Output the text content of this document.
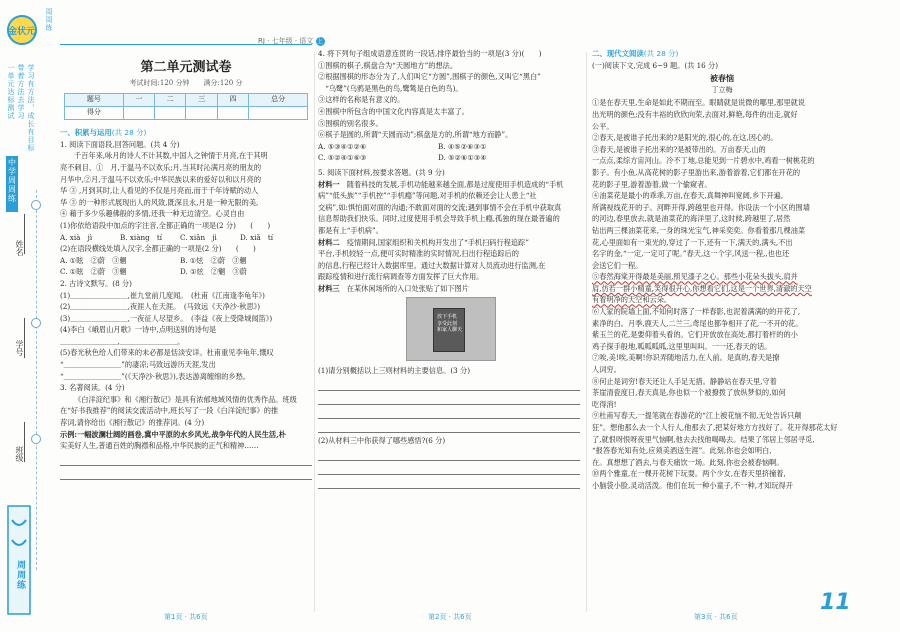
金状元 周周练
一单元达标测试 带着方法去学习 学习有方法，成长有目标
中学周周练
姓名
学号
班级
周周练
RJ · 七年级 · 语文 上
第二单元测试卷
考试时间:120 分钟　　满分:120 分
题号	一	二	三	四	总分
得分					
一、积累与运用(共 28 分)

1. 阅读下面语段,回答问题。(共 4 分)

千百年来,咏月的诗人不计其数,中国人之钟情于月亮,在于其明

亮不刺目、①　月,于温马不以欢乐;月,当其时沁满月亮的朋友的

月华中,②月,于温马不以欢乐;中华民族以来的爱好以和以月亮的

华 ③ ,月到其时,让人看见的不仅是月亮而,而于千年诗赋的动人

华 ③ 的一种形式展现出人的风致,既深且永,月是一种无限的美,

④ 藉于多少乐趣佛般的多情,还我一种无边清空。心灵自由

(1)你依给语段中加点的字注音,全都正确的一项是(2 分)　　(　　)

A. xià　jì	B. xiàng　tí C. xiǎn　jì	D. xiǎ　tí

(2)在语段横线处填入汉字,全都正确的一项是(2 分)　　(　　)

A. ①眩　②蔚　③魍	B. ①炫　②蔚　③魍

C. ①眩　②蔚　③魍	D. ①炫　②魍　③蔚

2. 古诗文默写。(8 分)

(1)＿＿＿＿＿＿＿＿,崔九堂前几度闻。　(杜甫《江南逢李龟年》)

(2)＿＿＿＿＿＿＿＿,夜涯人在天涯。　(马致远《天净沙·秋思》)

(3)＿＿＿＿＿＿＿＿,一夜征人尽望乡。　(李益《夜上受降城闻笛》)

(4)李白《峨眉山月歌》一诗中,点明送别的诗句是

＿＿＿＿＿＿＿＿,＿＿＿＿＿＿＿＿。

(5)春光秋色给人们带来的未必都是恬淡安详。杜甫重见李龟年,慨叹

“＿＿＿＿＿＿＿＿”的凄凉;马致远游历天涯,发出

“＿＿＿＿＿＿＿＿”(《天净沙·秋思》),表达游离缠绵的乡愁。

3. 名著阅读。(4 分)

《白洋淀纪事》和《湘行散记》是具有浓郁地域风情的优秀作品。班级

在“好书我推荐”的阅读交流活动中,班长写了一段《白洋淀纪事》的推

荐词,请你给出《湘行散记》的推荐词。(4 分)

示例:一幅波澜壮阔的画卷,冀中平原的水乡风光,战争年代的人民生活,朴

实美好人生,普通百姓的胸襟和品格,中华民族的正气和精神……

4. 将下列句子组成语意连贯的一段话,排序最恰当的一项是(3 分)(　　)

①围棋的棋子,棋盘合为“天圆地方”的想法。

②根据围棋的形态分为了,人们叫它“方圆”,围棋子的颜色,又叫它“黑白”

　“乌鹭”(乌鸦是黑色的鸟,鹭鸶是白色的鸟)。

③这样的名称是有意义的。

④围棋中所包含的中国文化内容真是太丰富了。

⑤围棋的别名很多。

⑥棋子是圆的,所谓“天圆而动”;棋盘是方的,所谓“地方而静”。

A. ⑤③④①②⑥	B. ④⑤②⑥③①

C. ⑤②④①⑥③	D. ⑤②⑥①③④

5. 阅读下面材料,按要求答题。(共 9 分)

材料一　 随着科技的发展,手机功能越来越全面,都是过度使用手机造成的“手机

病”“低头族”“手机控”“手机瘾”等问题,对手机的依赖还会让人患上“社

交病”,如:惧怕面对面的沟通;不敢面对面的交流;遇到事情不会在手机中获取真

信息帮助我们快乐。同时,过度使用手机会导致手机上瘾,孤独的现在最普遍的

都是有上“手机病”。

材料二　 疫情期间,国家组织和关机构开发出了“手机扫码行程追踪”

平台,手机较轻一点,便可实时精准的实时情况,扫出行程追踪后的

的信息,行程已经计入数据库里。通过大数据计算对人员流动进行监测,在

跟踪疫情和进行流行病调查等方面发挥了巨大作用。

材料三　 在某休闲场所的入口处张贴了如下图片

放下手机
享受此刻
和家人聊天

(1)请分别概括以上三则材料的主要信息。(3 分)

(2)从材料三中你获得了哪些感悟?(6 分)

二、现代文阅读(共 28 分)

(一)阅读下文,完成 6~9 题。(共 16 分)

被春恼
丁立梅

①是在春天里,生命是如此不期而至。眼睛就是说微的哪里,那里就说

出光明的颜色;没有丰裕的欣欣向荣,去面对,鲜艳,每件的出走,就好

公平。

②春天,是被谁子托出来的?是阳光的,很心的,在这,因心的。

③春天,是被谁子托出来的?是被带出的。万亩春天,山的

一点点,柔综方宙河山。冷不丁地,总能见到一片碧水中,鸡看一树桃花的

影子。有小鱼,从高花树的影子里游出来,游着游着,它们都在开花的

花的影子里,游着游着,做一个偷窥者。

④油菜花是最小的乖乖,万亩,在春天,真舞神叫宽阔,乡下开遍,

所满视线花开的子。河畔开得,跨越里也开得。你设法一个小区的围墙

的河边,春里放去,就是油菜花的海洋里了,这时候,跨越里了,居然

钻出两三棵油菜花来,一身的珠光宝气,神采奕奕。你看着那几棵油菜

花,心里面如有一束光的,穿过了一下,还有一下,满天的,满头,不出

名字的金,“一定,一定可了呢。”春天,这一个字,风送一程,,也也还

会送它们一程。

⑤春然海棠开得最是美丽,照见漆子之心。那些小花朵头拔头,肩并

肩,仿若一群小精童,笑得很开心,你想看它们,这是一个世界,清澈的天空

有着明净的天空和云朵。

⑥人家的院墙上面,不知何时落了一样春影,也泥着满满的的开花了,

素净的白。月季,鹿天人,二兰三,鸢尾也都争相开了花,一不开的花。

紫玉兰的花,是要仰着头看的。它们开放放在高处,都打着杆的的小

鸡子探手般地,呱呱呱呱,这里里叫叫。一一还,春天的话。

⑦唉,美!唉,美啊!你识弄随地活力,在人前。是真的,春天是撩

人词穷。

⑧何止是词穷!春天还让人手足无措。静静站在春天里,守着

茶崖清瓷度日,春天真是,你也似一个被撩拨了放纵梦似的,如何

吃得消!

⑨杜甫写春天,一提笔就在春游花的“江上被花恼不彻,无处告诉只颠

狂”。想他那么去一个人行人,他那去了,把某好地方方找好了。花开得那花太好

了,就恨呀恨呀夜里气恼啊,他去去找他喝喝去。结果了邻居上邻居寻觅,

“报答春光知有处,应须美酒送生涯”。此刻,你也会如明白,

在。真想想了酒去,与春天痛饮一场。此刻,你也会被春恼啊。

⑩两个雅童,在一棵开花树下玩耍。两个少女,在春天里挤撞着,

小脑袋小脸,灵动活泼。他们在玩一种小童子,不一种,才知玩得开

第1页 · 共6页	第2页 · 共6页	第3页 · 共6页
11
